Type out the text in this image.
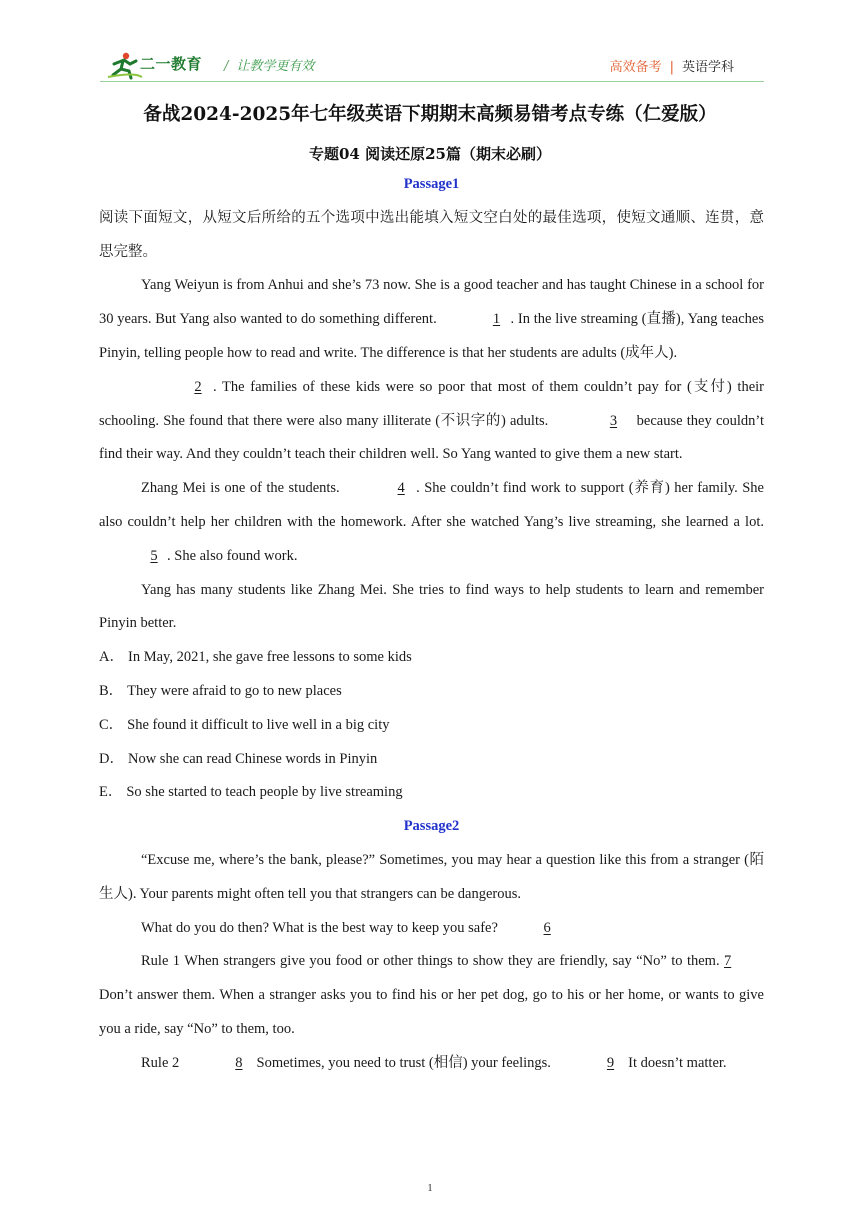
二一教育 / 让教学更有效	高效备考 | 英语学科
备战2024-2025年七年级英语下期期末高频易错考点专练（仁爱版）
专题04 阅读还原25篇（期末必刷）

Passage1

阅读下面短文，从短文后所给的五个选项中选出能填入短文空白处的最佳选项，使短文通顺、连贯，意思完整。

Yang Weiyun is from Anhui and she’s 73 now. She is a good teacher and has taught Chinese in a school for 30 years. But Yang also wanted to do something different.	1 . In the live streaming (直播), Yang teaches Pinyin, telling people how to read and write. The difference is that her students are adults (成年人).

2 . The families of these kids were so poor that most of them couldn’t pay for (支付) their schooling. She found that there were also many illiterate (不识字的) adults.	3 because they couldn’t find their way. And they couldn’t teach their children well. So Yang wanted to give them a new start.

Zhang Mei is one of the students.	4 . She couldn’t find work to support (养育) her family. She also couldn’t help her children with the homework. After she watched Yang’s live streaming, she learned a lot. 5 . She also found work.

Yang has many students like Zhang Mei. She tries to find ways to help students to learn and remember Pinyin better.

A． In May, 2021, she gave free lessons to some kids

B． They were afraid to go to new places

C． She found it difficult to live well in a big city

D． Now she can read Chinese words in Pinyin

E． So she started to teach people by live streaming

Passage2

“Excuse me, where’s the bank, please?” Sometimes, you may hear a question like this from a stranger (陌生人). Your parents might often tell you that strangers can be dangerous.

What do you do then? What is the best way to keep you safe?	6

Rule 1 When strangers give you food or other things to show they are friendly, say “No” to them. 7 Don’t answer them. When a stranger asks you to find his or her pet dog, go to his or her home, or wants to give you a ride, say “No” to them, too.

Rule 2	8 Sometimes, you need to trust (相信) your feelings.	9 It doesn’t matter.

1
